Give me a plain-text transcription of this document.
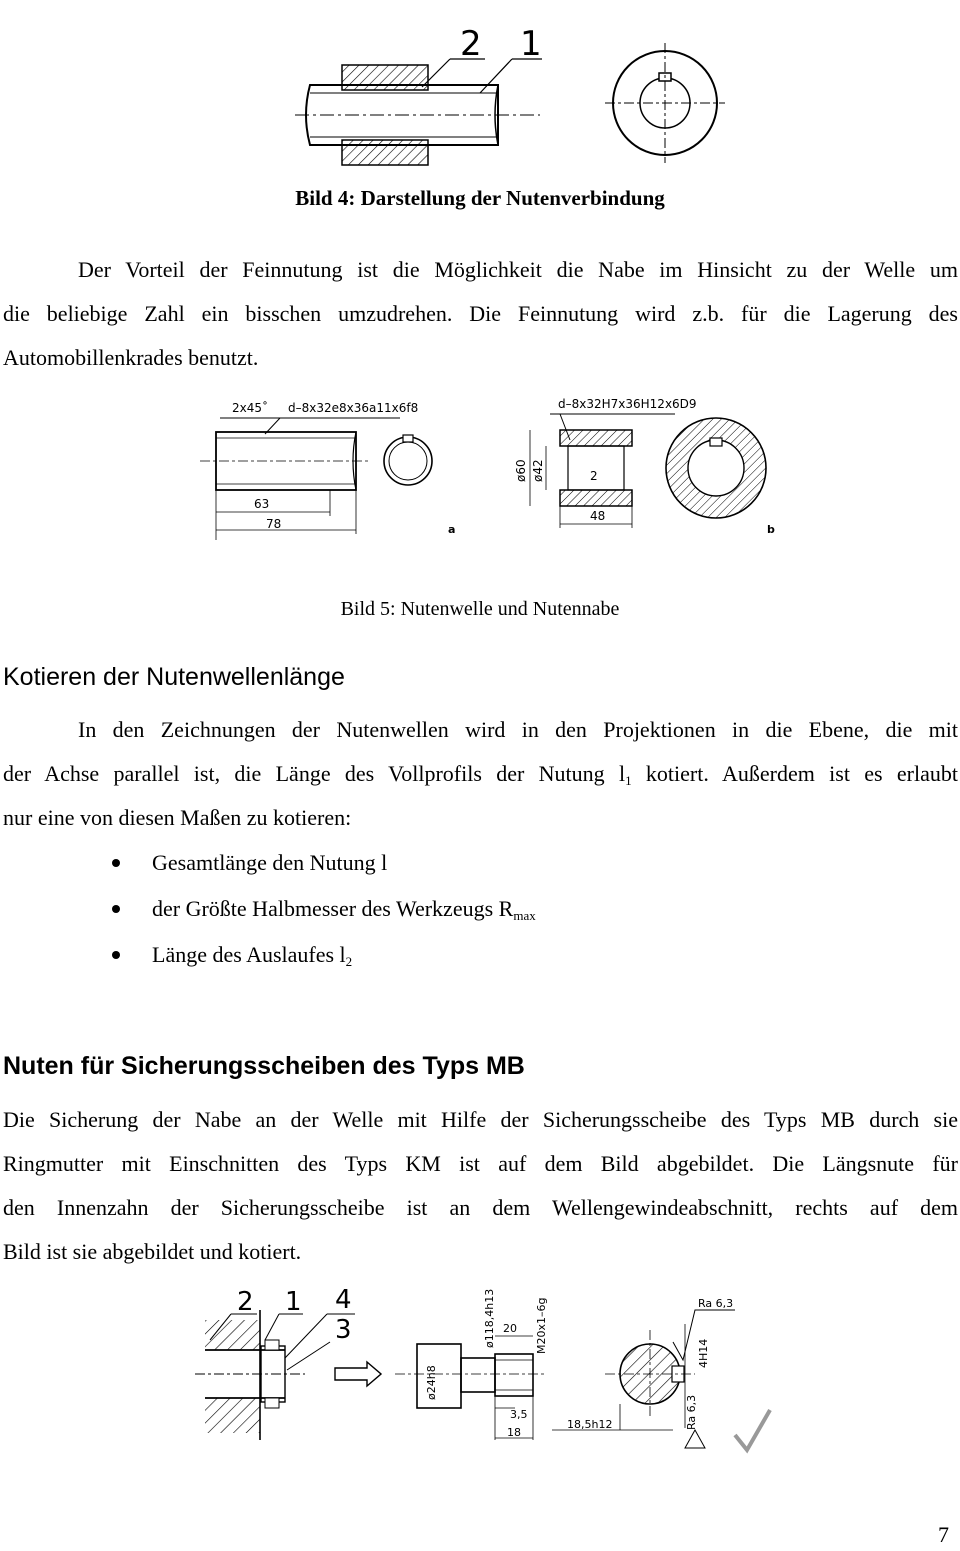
2 1
Bild 4: Darstellung der Nutenverbindung
Der Vorteil der Feinnutung ist die Möglichkeit die Nabe im Hinsicht zu der Welle um
die beliebige Zahl ein bisschen umzudrehen. Die Feinnutung wird z.b. für die Lagerung des
Automobillenkrades benutzt.
2x45˚ d–8x32e8x36a11x6f8
63
78	a
d–8x32H7x36H12x6D9
ø60 ø42	2
48
b
Bild 5: Nutenwelle und Nutennabe
Kotieren der Nutenwellenlänge
In den Zeichnungen der Nutenwellen wird in den Projektionen in die Ebene, die mit
der Achse parallel ist, die Länge des Vollprofils der Nutung $l_1$ kotiert. Außerdem ist es erlaubt
nur eine von diesen Maßen zu kotieren:
Gesamtlänge den Nutung l
der Größte Halbmesser des Werkzeugs $R_{max}$
Länge des Auslaufes $l_2$
Nuten für Sicherungsscheiben des Typs MB
Die Sicherung der Nabe an der Welle mit Hilfe der Sicherungsscheibe des Typs MB durch sie
Ringmutter mit Einschnitten des Typs KM ist auf dem Bild abgebildet. Die Längsnute für
den Innenzahn der Sicherungsscheibe ist an dem Wellengewindeabschnitt, rechts auf dem
Bild ist sie abgebildet und kotiert.
2 1 4
3
ø24h8
ø118,4h13	M20x1–6g
20
3,5
18
18,5h12
Ra 6,3
4H14
Ra 6,3
7
